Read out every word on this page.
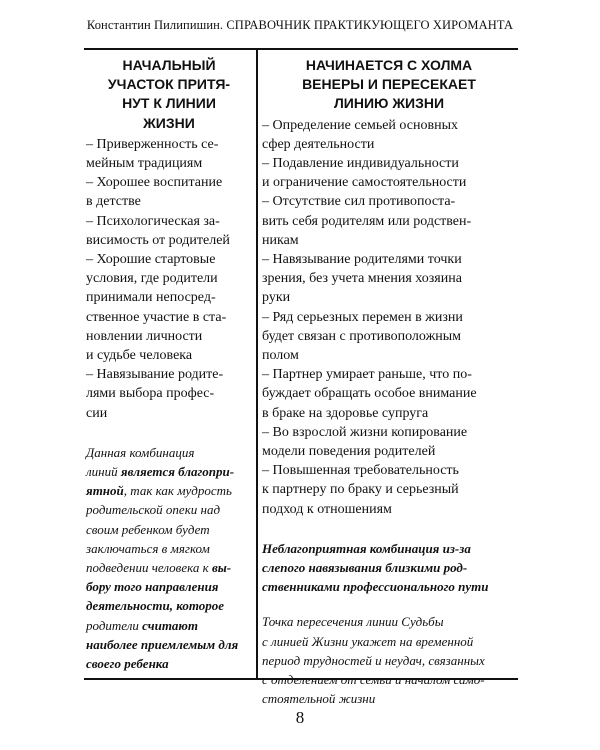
Константин Пилипишин. СПРАВОЧНИК ПРАКТИКУЮЩЕГО ХИРОМАНТА
НАЧАЛЬНЫЙ
УЧАСТОК ПРИТЯ-
НУТ К ЛИНИИ
ЖИЗНИ
– Приверженность се-
мейным традициям
– Хорошее воспитание
в детстве
– Психологическая за-
висимость от родителей
– Хорошие стартовые
условия, где родители
принимали непосред-
ственное участие в ста-
новлении личности
и судьбе человека
– Навязывание родите-
лями выбора профес-
сии
Данная комбинация
линий является благопри-
ятной, так как мудрость
родительской опеки над
своим ребенком будет
заключаться в мягком
подведении человека к вы-
бору того направления
деятельности, которое
родители считают
наиболее приемлемым для
своего ребенка
НАЧИНАЕТСЯ С ХОЛМА
ВЕНЕРЫ И ПЕРЕСЕКАЕТ
ЛИНИЮ ЖИЗНИ
– Определение семьей основных
сфер деятельности
– Подавление индивидуальности
и ограничение самостоятельности
– Отсутствие сил противопоста-
вить себя родителям или родствен-
никам
– Навязывание родителями точки
зрения, без учета мнения хозяина
руки
– Ряд серьезных перемен в жизни
будет связан с противоположным
полом
– Партнер умирает раньше, что по-
буждает обращать особое внимание
в браке на здоровье супруга
– Во взрослой жизни копирование
модели поведения родителей
– Повышенная требовательность
к партнеру по браку и серьезный
подход к отношениям
Неблагоприятная комбинация из-за
слепого навязывания близкими род-
ственниками профессионального пути
Точка пересечения линии Судьбы
с линией Жизни укажет на временной
период трудностей и неудач, связанных
с отделением от семьи и началом само-
стоятельной жизни
8
